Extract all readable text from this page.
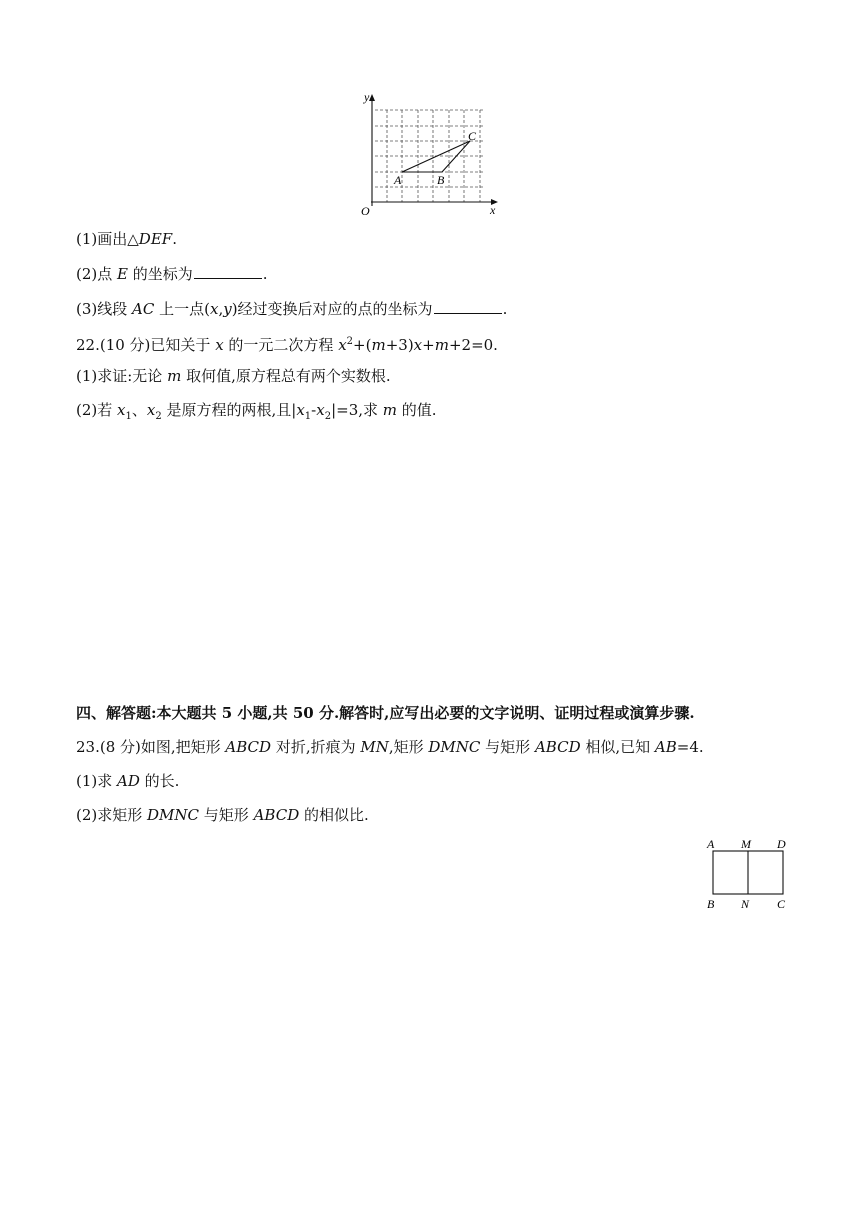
y
x
O
A	B
C
(1)画出△DEF.
(2)点 E 的坐标为	.
(3)线段 AC 上一点(x,y)经过变换后对应的点的坐标为	.
22.(10 分)已知关于 x 的一元二次方程 $x^2+(m+3)x+m+2=0$.
(1)求证:无论 m 取何值,原方程总有两个实数根.
(2)若 $x_1$、$x_2$ 是原方程的两根,且$|x_1-x_2|=3$,求 m 的值.
四、解答题:本大题共 5 小题,共 50 分.解答时,应写出必要的文字说明、证明过程或演算步骤.
23.(8 分)如图,把矩形 ABCD 对折,折痕为 MN,矩形 DMNC 与矩形 ABCD 相似,已知 AB=4.
(1)求 AD 的长.
(2)求矩形 DMNC 与矩形 ABCD 的相似比.
A M D
B N C
